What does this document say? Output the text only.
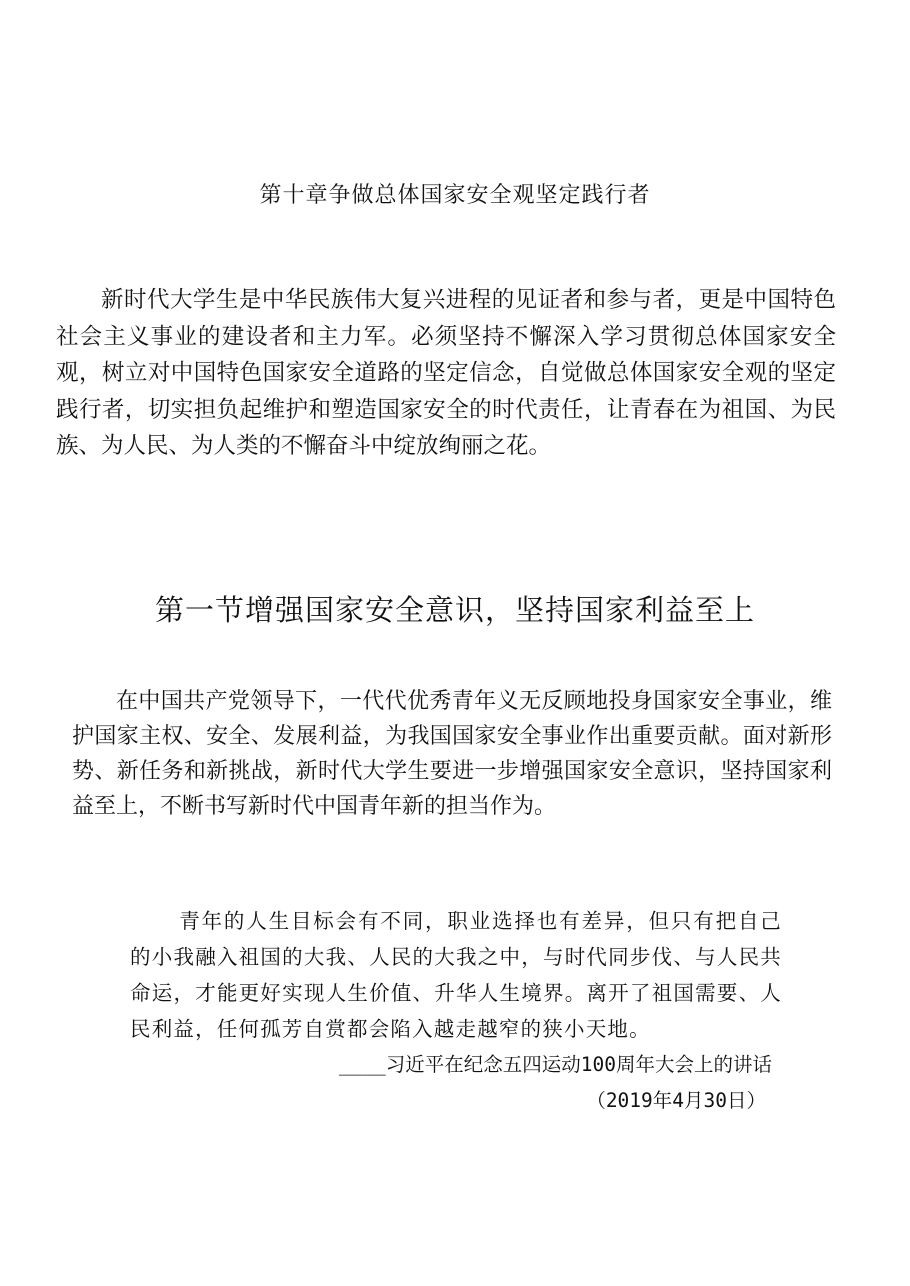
第十章争做总体国家安全观坚定践行者

新时代大学生是中华民族伟大复兴进程的见证者和参与者，更是中国特色社会主义事业的建设者和主力军。必须坚持不懈深入学习贯彻总体国家安全观，树立对中国特色国家安全道路的坚定信念，自觉做总体国家安全观的坚定践行者，切实担负起维护和塑造国家安全的时代责任，让青春在为祖国、为民族、为人民、为人类的不懈奋斗中绽放绚丽之花。

第一节增强国家安全意识，坚持国家利益至上

在中国共产党领导下，一代代优秀青年义无反顾地投身国家安全事业，维护国家主权、安全、发展利益，为我国国家安全事业作出重要贡献。面对新形势、新任务和新挑战，新时代大学生要进一步增强国家安全意识，坚持国家利益至上，不断书写新时代中国青年新的担当作为。

青年的人生目标会有不同，职业选择也有差异，但只有把自己的小我融入祖国的大我、人民的大我之中，与时代同步伐、与人民共命运，才能更好实现人生价值、升华人生境界。离开了祖国需要、人民利益，任何孤芳自赏都会陷入越走越窄的狭小天地。

____习近平在纪念五四运动100周年大会上的讲话

（2019年4月30日）
